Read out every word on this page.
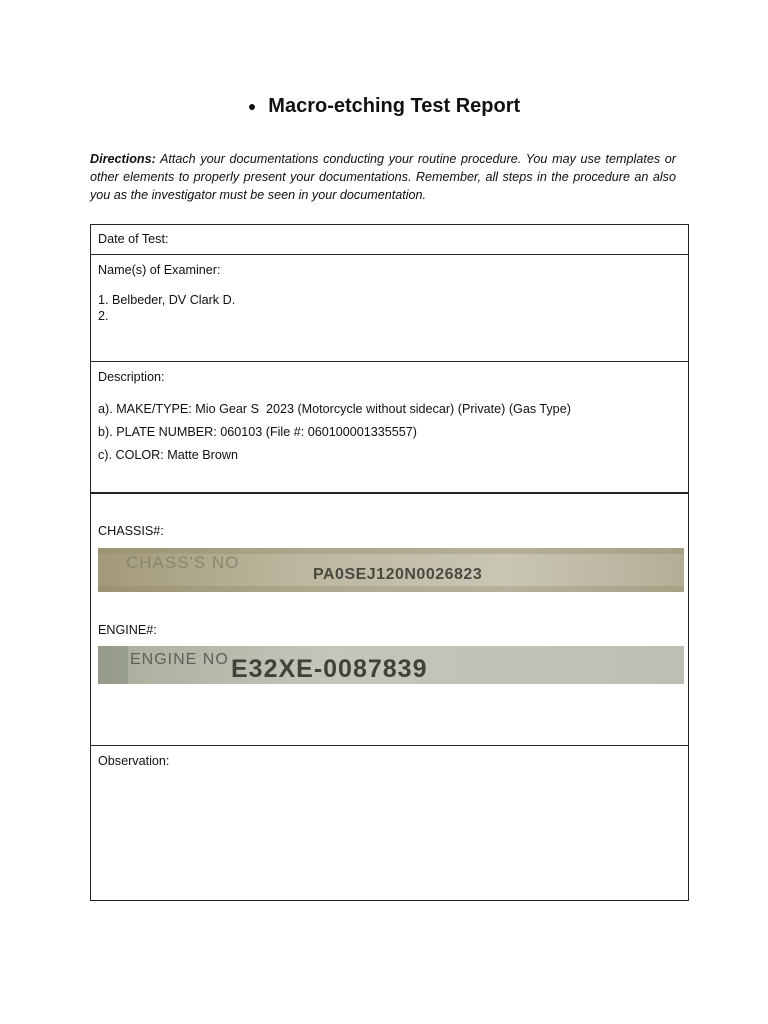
● Macro-etching Test Report
Directions: Attach your documentations conducting your routine procedure. You may use templates or other elements to properly present your documentations. Remember, all steps in the procedure an also you as the investigator must be seen in your documentation.
Date of Test:
Name(s) of Examiner:
1. Belbeder, DV Clark D.
2.
Description:
a). MAKE/TYPE: Mio Gear S  2023 (Motorcycle without sidecar) (Private) (Gas Type)
b). PLATE NUMBER: 060103 (File #: 060100001335557)
c). COLOR: Matte Brown
CHASSIS#:
CHASS'S NO
PA0SEJ120N0026823
ENGINE#:
ENGINE NO E32XE-0087839
Observation:
